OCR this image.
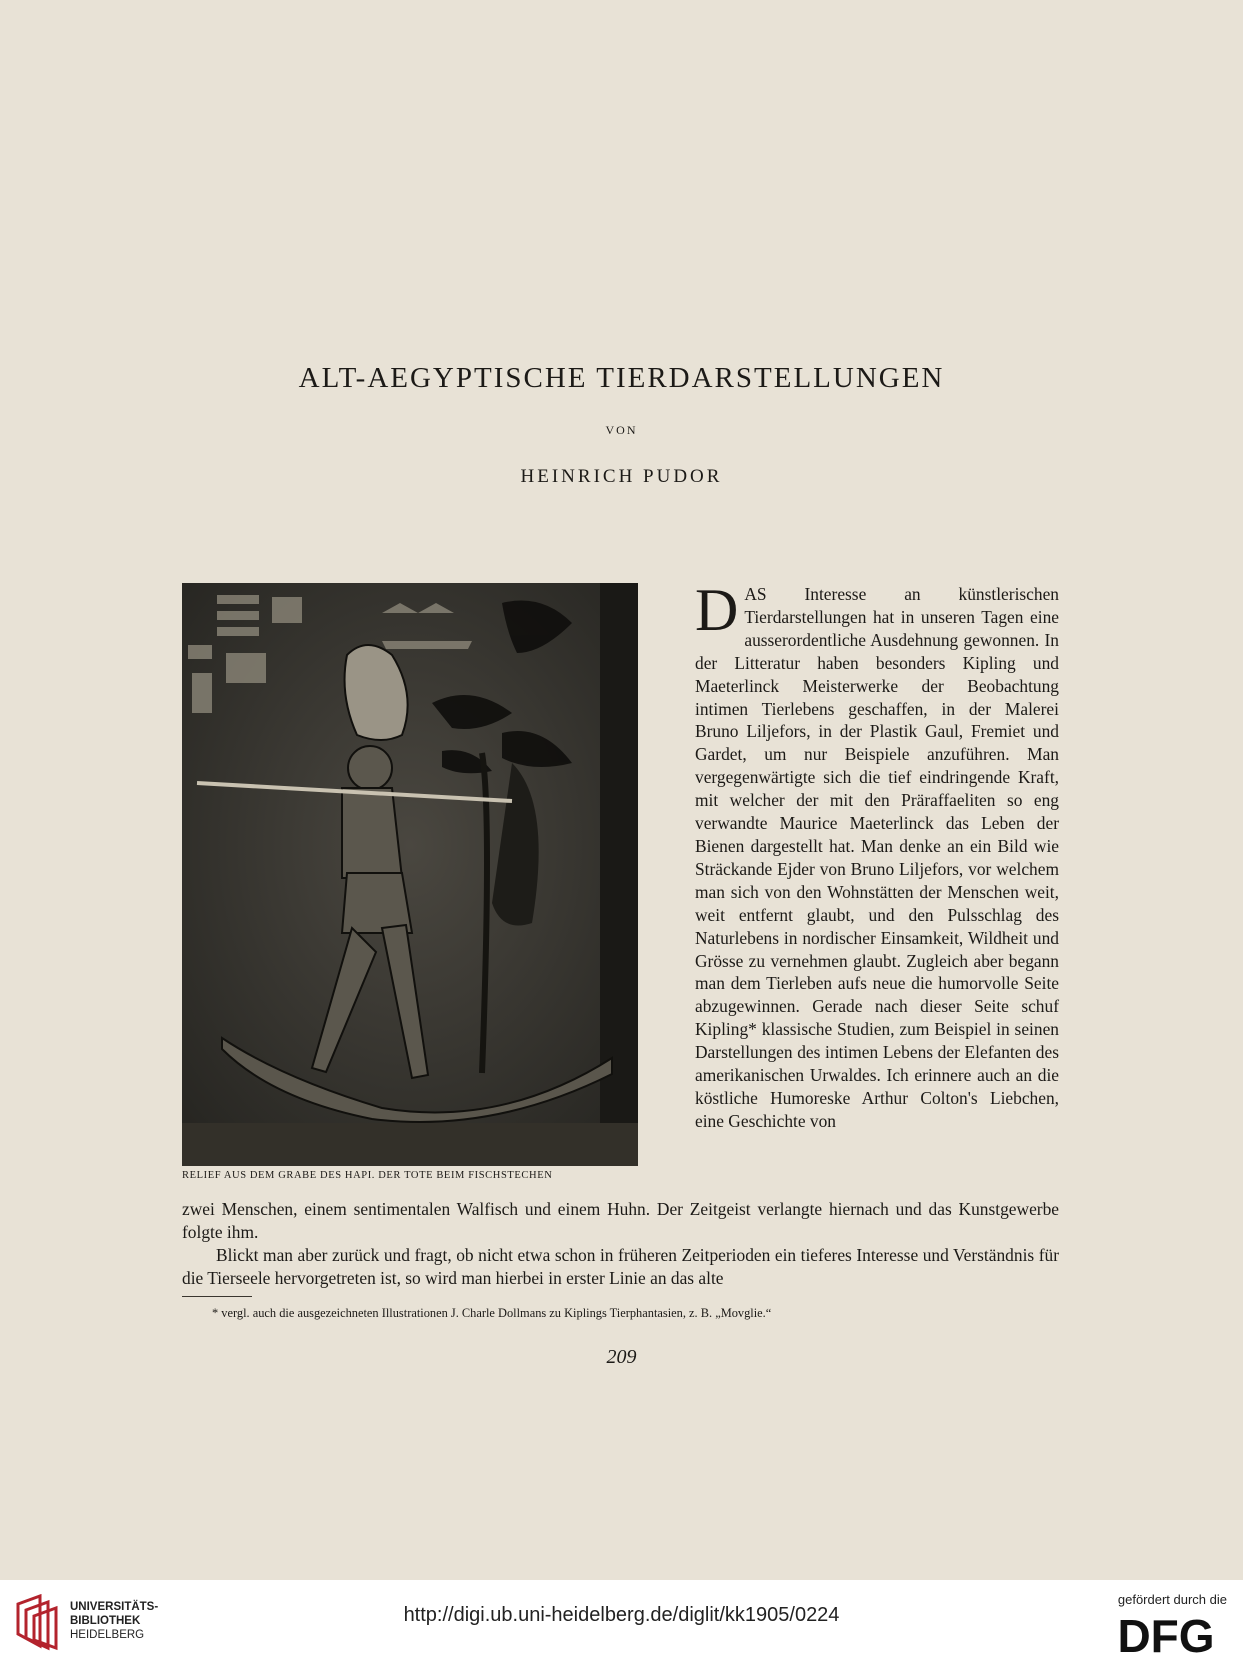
ALT-AEGYPTISCHE TIERDARSTELLUNGEN
VON
HEINRICH PUDOR
RELIEF AUS DEM GRABE DES HAPI. DER TOTE BEIM FISCHSTECHEN
D AS Interesse an künstlerischen Tierdarstellungen hat in unseren Tagen eine ausserordentliche Ausdehnung gewonnen. In der Litteratur haben besonders Kipling und Maeterlinck Meisterwerke der Beobachtung intimen Tierlebens geschaffen, in der Malerei Bruno Liljefors, in der Plastik Gaul, Fremiet und Gardet, um nur Beispiele anzuführen. Man vergegenwärtigte sich die tief eindringende Kraft, mit welcher der mit den Präraffaeliten so eng verwandte Maurice Maeterlinck das Leben der Bienen dargestellt hat. Man denke an ein Bild wie Sträckande Ejder von Bruno Liljefors, vor welchem man sich von den Wohnstätten der Menschen weit, weit entfernt glaubt, und den Pulsschlag des Naturlebens in nordischer Einsamkeit, Wildheit und Grösse zu vernehmen glaubt. Zugleich aber begann man dem Tierleben aufs neue die humorvolle Seite abzugewinnen. Gerade nach dieser Seite schuf Kipling* klassische Studien, zum Beispiel in seinen Darstellungen des intimen Lebens der Elefanten des amerikanischen Urwaldes. Ich erinnere auch an die köstliche Humoreske Arthur Colton's Liebchen, eine Geschichte von

zwei Menschen, einem sentimentalen Walfisch und einem Huhn. Der Zeitgeist verlangte hiernach und das Kunstgewerbe folgte ihm.

Blickt man aber zurück und fragt, ob nicht etwa schon in früheren Zeitperioden ein tieferes Interesse und Verständnis für die Tierseele hervorgetreten ist, so wird man hierbei in erster Linie an das alte

* vergl. auch die ausgezeichneten Illustrationen J. Charle Dollmans zu Kiplings Tierphantasien, z. B. „Movglie.“
209
UNIVERSITÄTS-
BIBLIOTHEK
HEIDELBERG
http://digi.ub.uni-heidelberg.de/diglit/kk1905/0224
gefördert durch die
DFG
